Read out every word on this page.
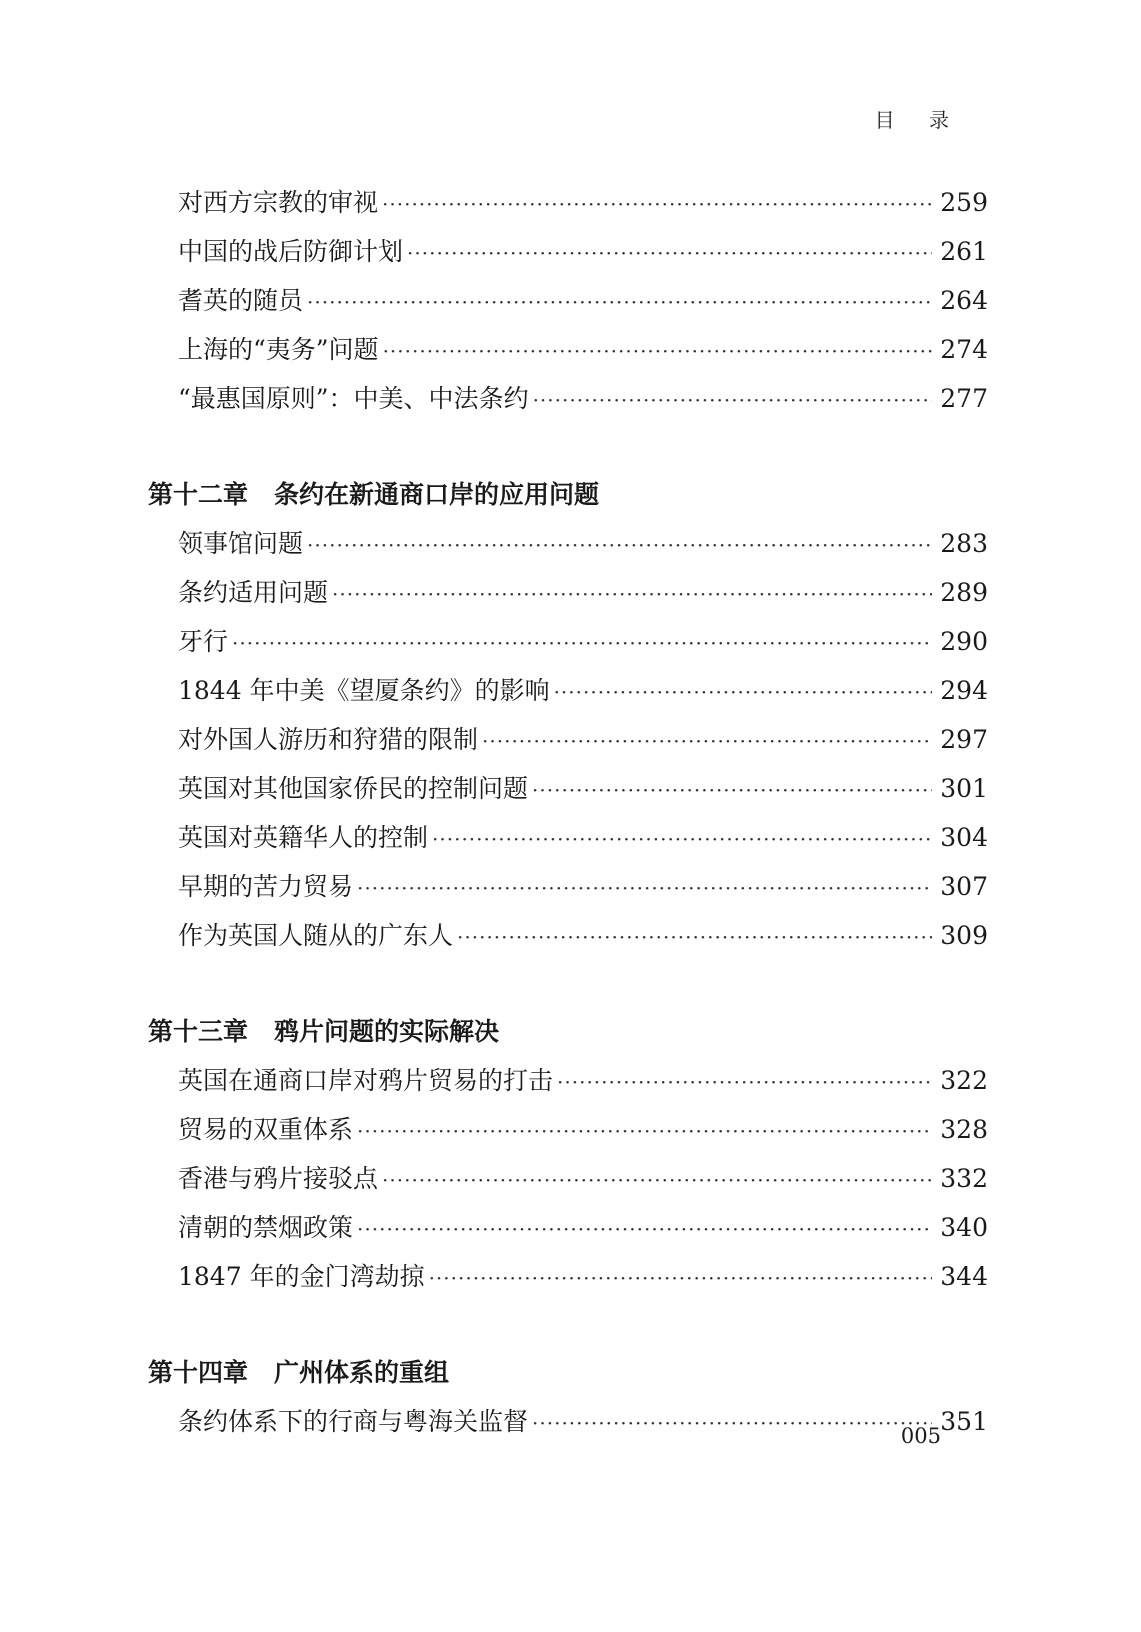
目 录
对西方宗教的审视 ·····	259
中国的战后防御计划 ·····	261
耆英的随员 ·····	264
上海的“夷务”问题 ·····	274
“最惠国原则”：中美、中法条约 ·····	277
第十二章 条约在新通商口岸的应用问题
领事馆问题 ·····	283
条约适用问题 ·····	289
牙行 ·····	290
1844 年中美《望厦条约》的影响 ·····	294
对外国人游历和狩猎的限制 ·····	297
英国对其他国家侨民的控制问题 ·····	301
英国对英籍华人的控制 ·····	304
早期的苦力贸易 ·····	307
作为英国人随从的广东人 ·····	309
第十三章 鸦片问题的实际解决
英国在通商口岸对鸦片贸易的打击 ·····	322
贸易的双重体系 ·····	328
香港与鸦片接驳点 ·····	332
清朝的禁烟政策 ·····	340
1847 年的金门湾劫掠 ·····	344
第十四章 广州体系的重组
条约体系下的行商与粤海关监督 ·····	351
005
